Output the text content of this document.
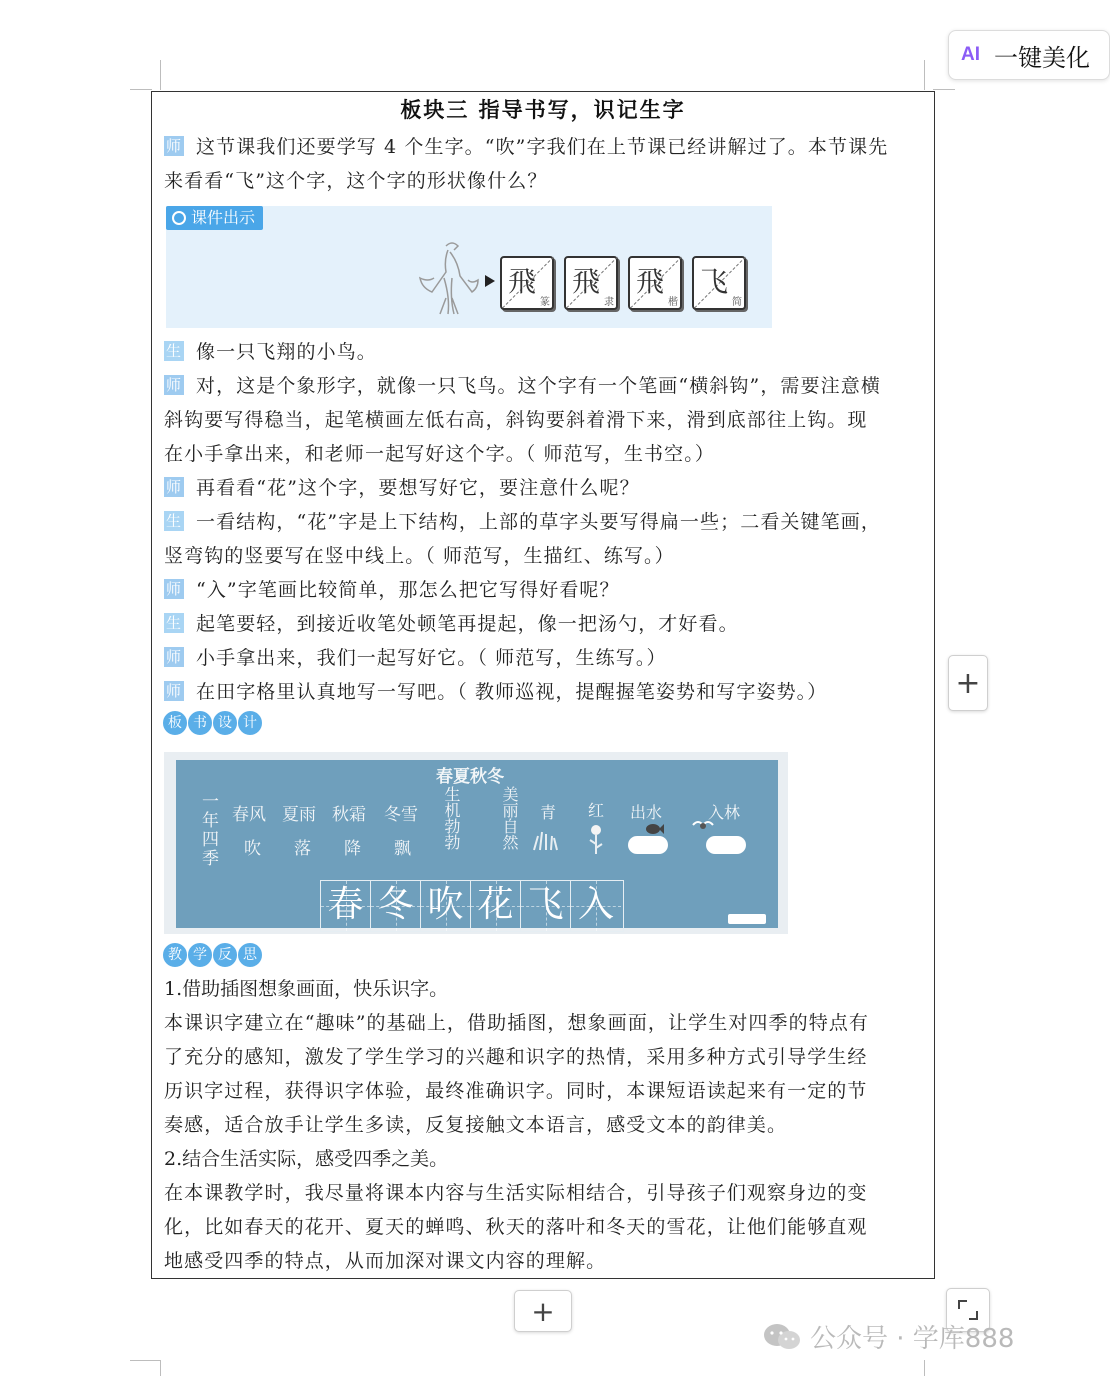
AI 一键美化
+
板块三 指导书写，识记生字
师 这节课我们还要学写 4 个生字。“吹”字我们在上节课已经讲解过了。本节课先
来看看“飞”这个字，这个字的形状像什么？
课件出示
飛
篆
飛
隶
飛
楷
飞
简
生 像一只飞翔的小鸟。
师 对，这是个象形字，就像一只飞鸟。这个字有一个笔画“横斜钩”，需要注意横
斜钩要写得稳当，起笔横画左低右高，斜钩要斜着滑下来，滑到底部往上钩。现
在小手拿出来，和老师一起写好这个字。（ 师范写，生书空。）
师 再看看“花”这个字，要想写好它，要注意什么呢？
生 一看结构，“花”字是上下结构，上部的草字头要写得扁一些；二看关键笔画，
竖弯钩的竖要写在竖中线上。（ 师范写，生描红、练写。）
师 “入”字笔画比较简单，那怎么把它写得好看呢？
生 起笔要轻，到接近收笔处顿笔再提起，像一把汤勺，才好看。
师 小手拿出来，我们一起写好它。（ 师范写，生练写。）
师 在田字格里认真地写一写吧。（ 教师巡视，提醒握笔姿势和写字姿势。）
板 书 设 计
春夏秋冬
一年四季 春风 夏雨 秋霜 冬雪
吹 落 降 飘 生机勃勃 美丽自然 青 红 出水	入林
春 冬 吹 花 飞 入
教 学 反 思
1.借助插图想象画面，快乐识字。
本课识字建立在“趣味”的基础上，借助插图，想象画面，让学生对四季的特点有
了充分的感知，激发了学生学习的兴趣和识字的热情，采用多种方式引导学生经
历识字过程，获得识字体验，最终准确识字。同时，本课短语读起来有一定的节
奏感，适合放手让学生多读，反复接触文本语言，感受文本的韵律美。
2.结合生活实际，感受四季之美。
在本课教学时，我尽量将课本内容与生活实际相结合，引导孩子们观察身边的变
化，比如春天的花开、夏天的蝉鸣、秋天的落叶和冬天的雪花，让他们能够直观
地感受四季的特点，从而加深对课文内容的理解。
+
公众号 · 学库888
